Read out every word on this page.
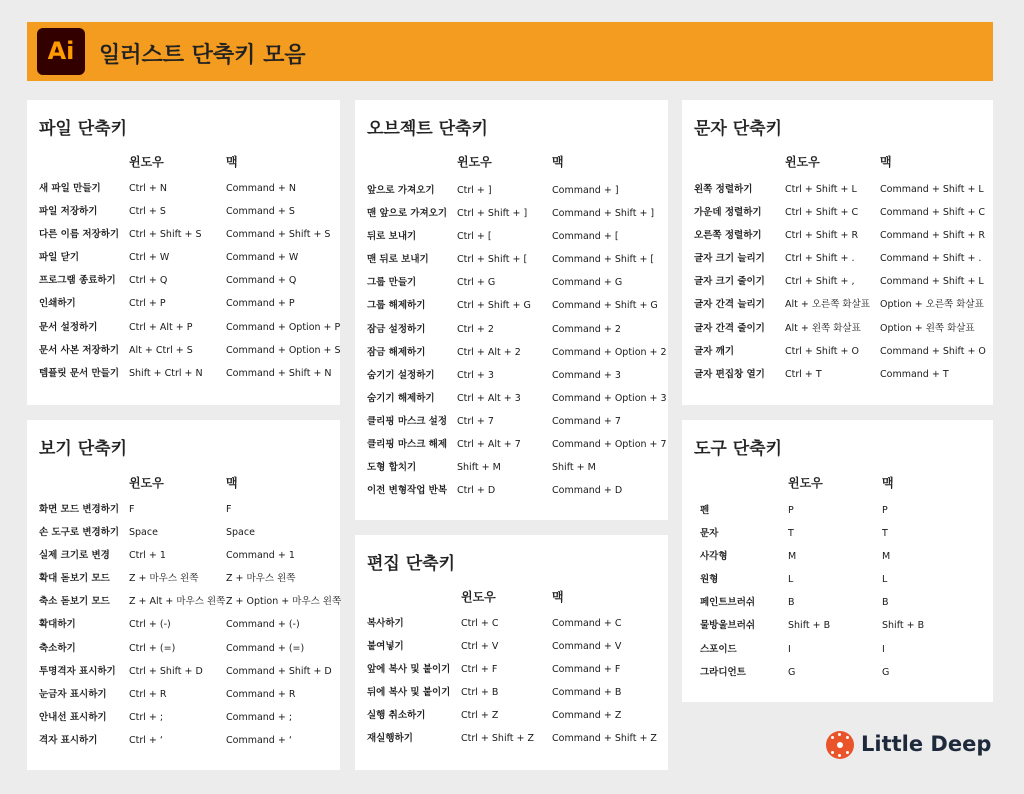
Ai	일러스트 단축키 모음
파일 단축키
윈도우	맥
새 파일 만들기	Ctrl + N	Command + N
파일 저장하기	Ctrl + S	Command + S
다른 이름 저장하기 Ctrl + Shift + S	Command + Shift + S
파일 닫기	Ctrl + W	Command + W
프로그램 종료하기 Ctrl + Q	Command + Q
인쇄하기	Ctrl + P	Command + P
문서 설정하기	Ctrl + Alt + P	Command + Option + P
문서 사본 저장하기 Alt + Ctrl + S	Command + Option + S
템플릿 문서 만들기 Shift + Ctrl + N Command + Shift + N
보기 단축키
윈도우	맥
화면 모드 변경하기 F	F
손 도구로 변경하기 Space	Space
실제 크기로 변경 Ctrl + 1	Command + 1
확대 돋보기 모드 Z + 마우스 왼쪽	Z + 마우스 왼쪽
축소 돋보기 모드 Z + Alt + 마우스 왼쪽 Z + Option + 마우스 왼쪽
확대하기	Ctrl + (-)	Command + (-)
축소하기	Ctrl + (=)	Command + (=)
투명격자 표시하기 Ctrl + Shift + D Command + Shift + D
눈금자 표시하기 Ctrl + R	Command + R
안내선 표시하기 Ctrl + ;	Command + ;
격자 표시하기	Ctrl + ‘	Command + ‘
오브젝트 단축키
윈도우	맥
앞으로 가져오기 Ctrl + ]	Command + ]
맨 앞으로 가져오기 Ctrl + Shift + ]	Command + Shift + ]
뒤로 보내기	Ctrl + [	Command + [
맨 뒤로 보내기	Ctrl + Shift + [	Command + Shift + [
그룹 만들기	Ctrl + G	Command + G
그룹 해제하기	Ctrl + Shift + G Command + Shift + G
잠금 설정하기	Ctrl + 2	Command + 2
잠금 해제하기	Ctrl + Alt + 2	Command + Option + 2
숨기기 설정하기 Ctrl + 3	Command + 3
숨기기 해제하기 Ctrl + Alt + 3	Command + Option + 3
클리핑 마스크 설정 Ctrl + 7	Command + 7
클리핑 마스크 해제 Ctrl + Alt + 7	Command + Option + 7
도형 합치기	Shift + M	Shift + M
이전 변형작업 반복 Ctrl + D	Command + D
편집 단축키
윈도우	맥
복사하기	Ctrl + C	Command + C
붙여넣기	Ctrl + V	Command + V
앞에 복사 및 붙이기 Ctrl + F	Command + F
뒤에 복사 및 붙이기 Ctrl + B	Command + B
실행 취소하기	Ctrl + Z	Command + Z
재실행하기	Ctrl + Shift + Z Command + Shift + Z
문자 단축키
윈도우	맥
왼쪽 정렬하기	Ctrl + Shift + L Command + Shift + L
가운데 정렬하기 Ctrl + Shift + C Command + Shift + C
오른쪽 정렬하기 Ctrl + Shift + R Command + Shift + R
글자 크기 늘리기 Ctrl + Shift + .	Command + Shift + .
글자 크기 줄이기 Ctrl + Shift + ,	Command + Shift + L
글자 간격 늘리기 Alt + 오른쪽 화살표 Option + 오른쪽 화살표
글자 간격 줄이기 Alt + 왼쪽 화살표 Option + 왼쪽 화살표
글자 깨기	Ctrl + Shift + O Command + Shift + O
글자 편집창 열기 Ctrl + T	Command + T
도구 단축키
윈도우	맥
펜	P	P
문자	T	T
사각형	M	M
원형	L	L
페인트브러쉬	B	B
물방울브러쉬	Shift + B	Shift + B
스포이드	I	I
그라디언트	G	G
Little Deep
